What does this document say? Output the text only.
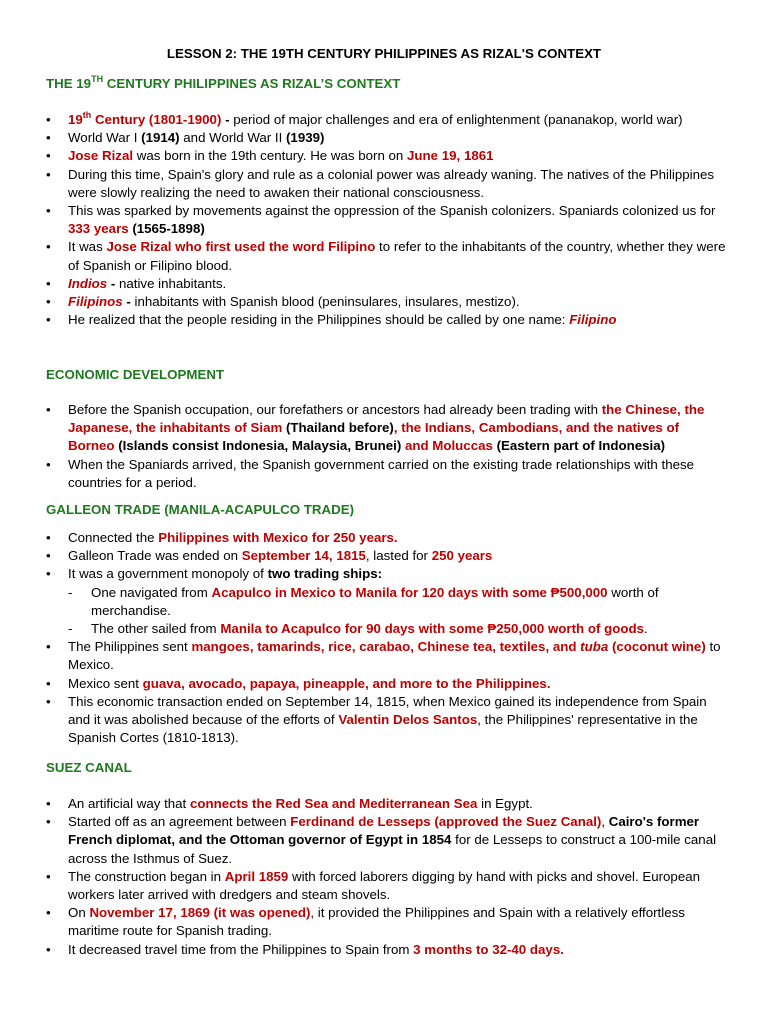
LESSON 2: THE 19TH CENTURY PHILIPPINES AS RIZAL'S CONTEXT
THE 19TH CENTURY PHILIPPINES AS RIZAL’S CONTEXT
• 19th Century (1801-1900) - period of major challenges and era of enlightenment (pananakop, world war)
• World War I (1914) and World War II (1939)
• Jose Rizal was born in the 19th century. He was born on June 19, 1861
• During this time, Spain's glory and rule as a colonial power was already waning. The natives of the Philippines were slowly realizing the need to awaken their national consciousness.
• This was sparked by movements against the oppression of the Spanish colonizers. Spaniards colonized us for 333 years (1565-1898)
• It was Jose Rizal who first used the word Filipino to refer to the inhabitants of the country, whether they were of Spanish or Filipino blood.
• Indios - native inhabitants.
• Filipinos - inhabitants with Spanish blood (peninsulares, insulares, mestizo).
• He realized that the people residing in the Philippines should be called by one name: Filipino
ECONOMIC DEVELOPMENT
• Before the Spanish occupation, our forefathers or ancestors had already been trading with the Chinese, the Japanese, the inhabitants of Siam (Thailand before), the Indians, Cambodians, and the natives of Borneo (Islands consist Indonesia, Malaysia, Brunei) and Moluccas (Eastern part of Indonesia)
• When the Spaniards arrived, the Spanish government carried on the existing trade relationships with these countries for a period.
GALLEON TRADE (MANILA-ACAPULCO TRADE)
• Connected the Philippines with Mexico for 250 years.
• Galleon Trade was ended on September 14, 1815, lasted for 250 years
• It was a government monopoly of two trading ships:
- One navigated from Acapulco in Mexico to Manila for 120 days with some ₱500,000 worth of merchandise.
- The other sailed from Manila to Acapulco for 90 days with some ₱250,000 worth of goods.
• The Philippines sent mangoes, tamarinds, rice, carabao, Chinese tea, textiles, and tuba (coconut wine) to Mexico.
• Mexico sent guava, avocado, papaya, pineapple, and more to the Philippines.
• This economic transaction ended on September 14, 1815, when Mexico gained its independence from Spain and it was abolished because of the efforts of Valentin Delos Santos, the Philippines' representative in the Spanish Cortes (1810-1813).
SUEZ CANAL
• An artificial way that connects the Red Sea and Mediterranean Sea in Egypt.
• Started off as an agreement between Ferdinand de Lesseps (approved the Suez Canal), Cairo's former French diplomat, and the Ottoman governor of Egypt in 1854 for de Lesseps to construct a 100-mile canal across the Isthmus of Suez.
• The construction began in April 1859 with forced laborers digging by hand with picks and shovel. European workers later arrived with dredgers and steam shovels.
• On November 17, 1869 (it was opened), it provided the Philippines and Spain with a relatively effortless maritime route for Spanish trading.
• It decreased travel time from the Philippines to Spain from 3 months to 32-40 days.
